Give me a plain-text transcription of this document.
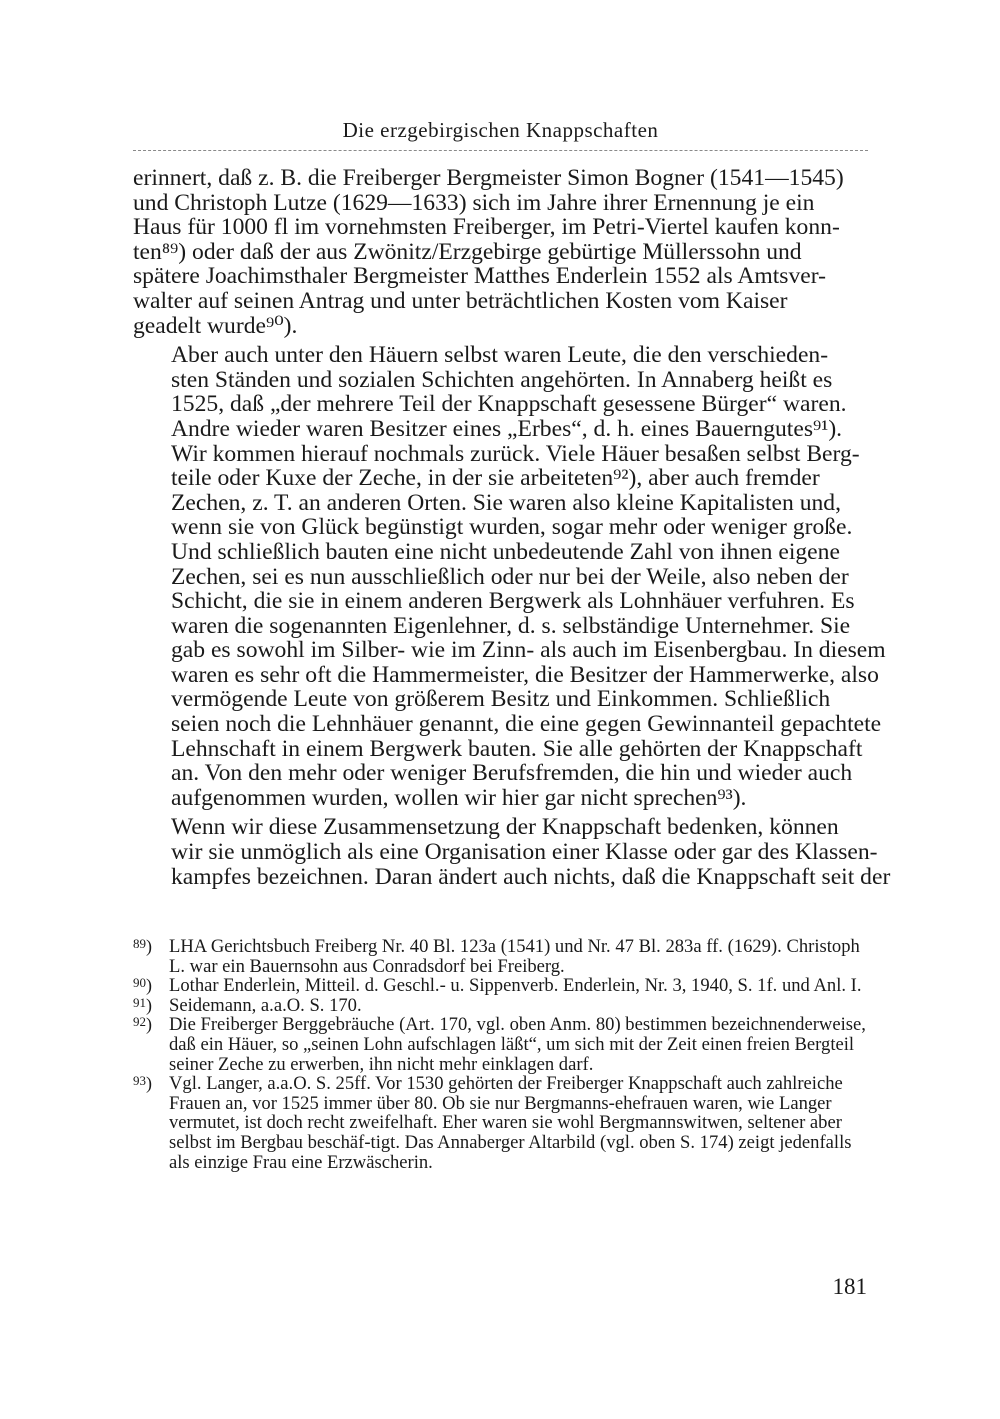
Die erzgebirgischen Knappschaften

erinnert, daß z. B. die Freiberger Bergmeister Simon Bogner (1541—1545)
und Christoph Lutze (1629—1633) sich im Jahre ihrer Ernennung je ein
Haus für 1000 fl im vornehmsten Freiberger, im Petri-Viertel kaufen konn-
ten⁸⁹) oder daß der aus Zwönitz/Erzgebirge gebürtige Müllerssohn und
spätere Joachimsthaler Bergmeister Matthes Enderlein 1552 als Amtsver-
walter auf seinen Antrag und unter beträchtlichen Kosten vom Kaiser
geadelt wurde⁹⁰).

Aber auch unter den Häuern selbst waren Leute, die den verschieden-
sten Ständen und sozialen Schichten angehörten. In Annaberg heißt es
1525, daß „der mehrere Teil der Knappschaft gesessene Bürger“ waren.
Andre wieder waren Besitzer eines „Erbes“, d. h. eines Bauerngutes⁹¹).
Wir kommen hierauf nochmals zurück. Viele Häuer besaßen selbst Berg-
teile oder Kuxe der Zeche, in der sie arbeiteten⁹²), aber auch fremder
Zechen, z. T. an anderen Orten. Sie waren also kleine Kapitalisten und,
wenn sie von Glück begünstigt wurden, sogar mehr oder weniger große.
Und schließlich bauten eine nicht unbedeutende Zahl von ihnen eigene
Zechen, sei es nun ausschließlich oder nur bei der Weile, also neben der
Schicht, die sie in einem anderen Bergwerk als Lohnhäuer verfuhren. Es
waren die sogenannten Eigenlehner, d. s. selbständige Unternehmer. Sie
gab es sowohl im Silber- wie im Zinn- als auch im Eisenbergbau. In diesem
waren es sehr oft die Hammermeister, die Besitzer der Hammerwerke, also
vermögende Leute von größerem Besitz und Einkommen. Schließlich
seien noch die Lehnhäuer genannt, die eine gegen Gewinnanteil gepachtete
Lehnschaft in einem Bergwerk bauten. Sie alle gehörten der Knappschaft
an. Von den mehr oder weniger Berufsfremden, die hin und wieder auch
aufgenommen wurden, wollen wir hier gar nicht sprechen⁹³).

Wenn wir diese Zusammensetzung der Knappschaft bedenken, können
wir sie unmöglich als eine Organisation einer Klasse oder gar des Klassen-
kampfes bezeichnen. Daran ändert auch nichts, daß die Knappschaft seit der

89 )	LHA Gerichtsbuch Freiberg Nr. 40 Bl. 123a (1541) und Nr. 47 Bl. 283a ff. (1629). Christoph L. war ein Bauernsohn aus Conradsdorf bei Freiberg.
90 )	Lothar Enderlein, Mitteil. d. Geschl.- u. Sippenverb. Enderlein, Nr. 3, 1940, S. 1f. und Anl. I.
91 )	Seidemann, a.a.O. S. 170.
92 )	Die Freiberger Berggebräuche (Art. 170, vgl. oben Anm. 80) bestimmen bezeichnenderweise, daß ein Häuer, so „seinen Lohn aufschlagen läßt“, um sich mit der Zeit einen freien Bergteil seiner Zeche zu erwerben, ihn nicht mehr einklagen darf.
93 )	Vgl. Langer, a.a.O. S. 25ff. Vor 1530 gehörten der Freiberger Knappschaft auch zahlreiche Frauen an, vor 1525 immer über 80. Ob sie nur Bergmanns-ehefrauen waren, wie Langer vermutet, ist doch recht zweifelhaft. Eher waren sie wohl Bergmannswitwen, seltener aber selbst im Bergbau beschäf-tigt. Das Annaberger Altarbild (vgl. oben S. 174) zeigt jedenfalls als einzige Frau eine Erzwäscherin.
181
